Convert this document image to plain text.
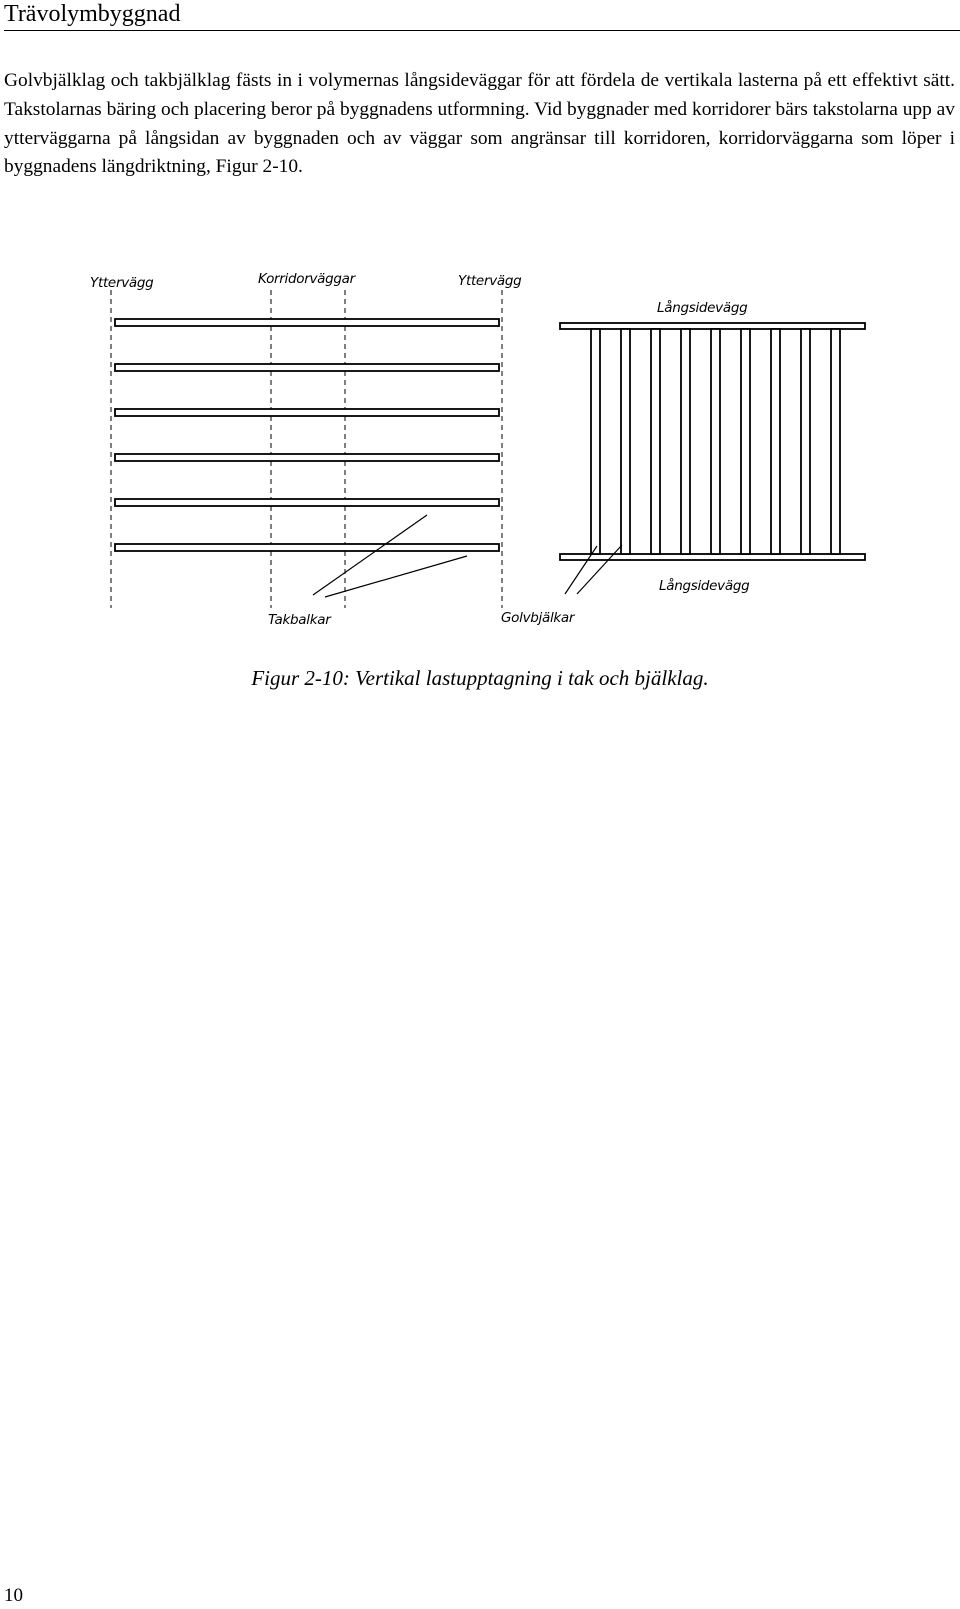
Trävolymbyggnad

Golvbjälklag och takbjälklag fästs in i volymernas långsideväggar för att fördela de vertikala lasterna på ett effektivt sätt. Takstolarnas bäring och placering beror på byggnadens utformning. Vid byggnader med korridorer bärs takstolarna upp av ytterväggarna på långsidan av byggnaden och av väggar som angränsar till korridoren, korridorväggarna som löper i byggnadens längdriktning, Figur 2-10.

Yttervägg	Korridorväggar	Yttervägg
Långsidevägg
Långsidevägg
Takbalkar	Golvbjälkar
Figur 2-10: Vertikal lastupptagning i tak och bjälklag.
10
